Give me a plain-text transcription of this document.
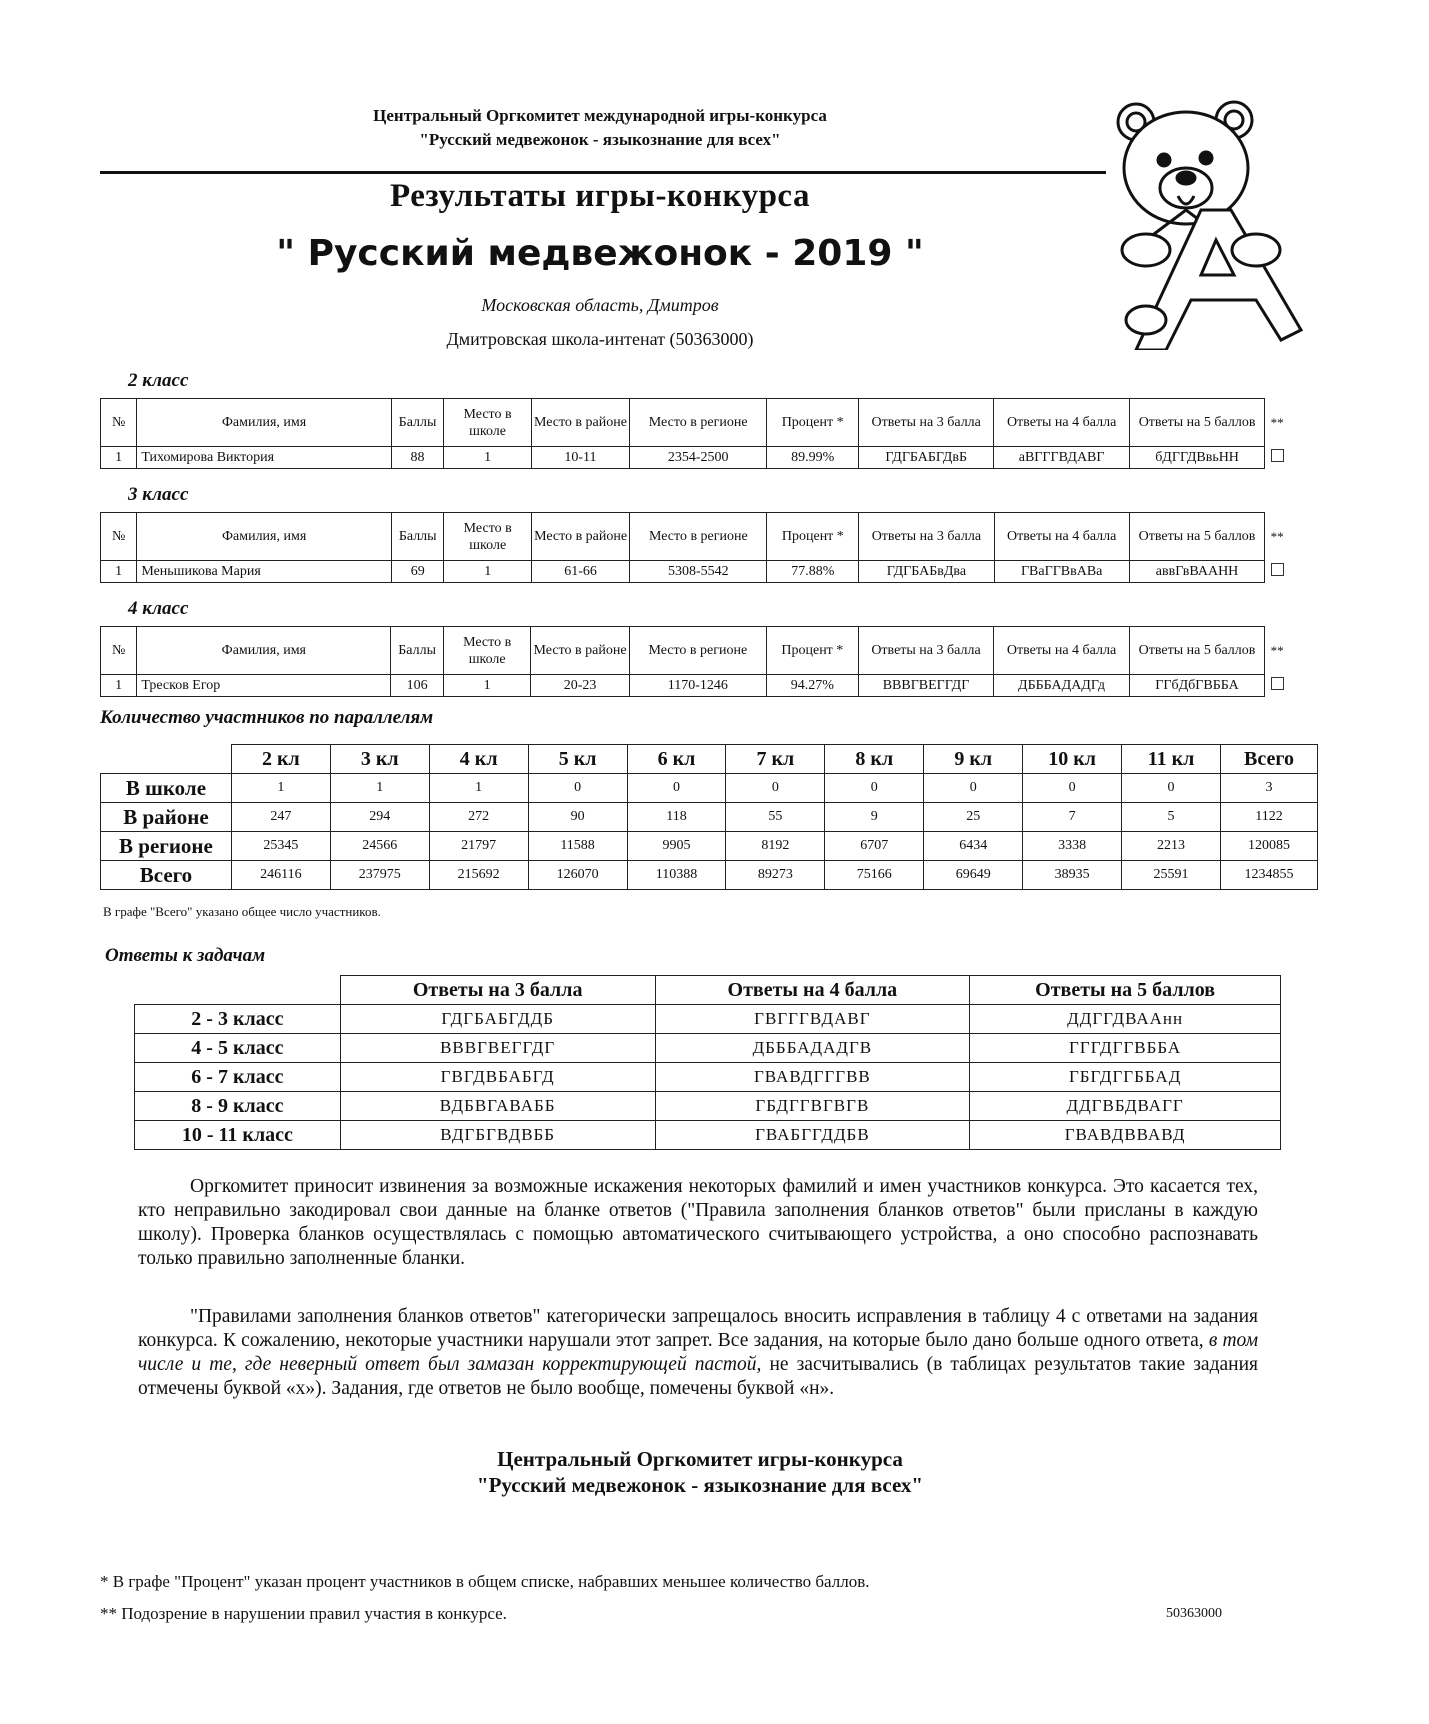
Центральный Оргкомитет международной игры-конкурса
"Русский медвежонок - языкознание для всех"
Результаты игры-конкурса
" Русский медвежонок - 2019 "
Московская область, Дмитров
Дмитровская школа-интенат (50363000)
2 класс
№	Фамилия, имя	Баллы	Место в школе	Место в районе	Место в регионе	Процент *	Ответы на 3 балла	Ответы на 4 балла	Ответы на 5 баллов	**
1	Тихомирова Виктория	88	1	10-11	2354-2500	89.99%	ГДГБАБГДвБ	аВГГГВДАВГ	бДГГДВвьНН	
3 класс
№	Фамилия, имя	Баллы	Место в школе	Место в районе	Место в регионе	Процент *	Ответы на 3 балла	Ответы на 4 балла	Ответы на 5 баллов	**
1	Меньшикова Мария	69	1	61-66	5308-5542	77.88%	ГДГБАБвДва	ГВаГГВвАВа	аввГвВААНН	
4 класс
№	Фамилия, имя	Баллы	Место в школе	Место в районе	Место в регионе	Процент *	Ответы на 3 балла	Ответы на 4 балла	Ответы на 5 баллов	**
1	Тресков Егор	106	1	20-23	1170-1246	94.27%	ВВВГВЕГГДГ	ДБББАДАДГд	ГГбДбГВББА	
Количество участников по параллелям
	2 кл	3 кл	4 кл	5 кл	6 кл	7 кл	8 кл	9 кл	10 кл	11 кл	Всего
В школе	1	1	1	0	0	0	0	0	0	0	3
В районе	247	294	272	90	118	55	9	25	7	5	1122
В регионе	25345	24566	21797	11588	9905	8192	6707	6434	3338	2213	120085
Всего	246116	237975	215692	126070	110388	89273	75166	69649	38935	25591	1234855
В графе "Всего" указано общее число участников.
Ответы к задачам
	Ответы на 3 балла	Ответы на 4 балла	Ответы на 5 баллов
2 - 3 класс	ГДГБАБГДДБ	ГВГГГВДАВГ	ДДГГДВААнн
4 - 5 класс	ВВВГВЕГГДГ	ДБББАДАДГВ	ГГГДГГВББА
6 - 7 класс	ГВГДВБАБГД	ГВАВДГГГВВ	ГБГДГГББАД
8 - 9 класс	ВДБВГАВАББ	ГБДГГВГВГВ	ДДГВБДВАГГ
10 - 11 класс	ВДГБГВДВББ	ГВАБГГДДБВ	ГВАВДВВАВД

Оргкомитет приносит извинения за возможные искажения некоторых фамилий и имен участников конкурса. Это касается тех, кто неправильно закодировал свои данные на бланке ответов ("Правила заполнения бланков ответов" были присланы в каждую школу). Проверка бланков осуществлялась с помощью автоматического считывающего устройства, а оно способно распознавать только правильно заполненные бланки.

"Правилами заполнения бланков ответов" категорически запрещалось вносить исправления в таблицу 4 с ответами на задания конкурса. К сожалению, некоторые участники нарушали этот запрет. Все задания, на которые было дано больше одного ответа, в том числе и те, где неверный ответ был замазан корректирующей пастой, не засчитывались (в таблицах результатов такие задания отмечены буквой «х»). Задания, где ответов не было вообще, помечены буквой «н».

Центральный Оргкомитет игры-конкурса
"Русский медвежонок - языкознание для всех"
* В графе "Процент" указан процент участников в общем списке, набравших меньшее количество баллов.
** Подозрение в нарушении правил участия в конкурсе.	50363000
